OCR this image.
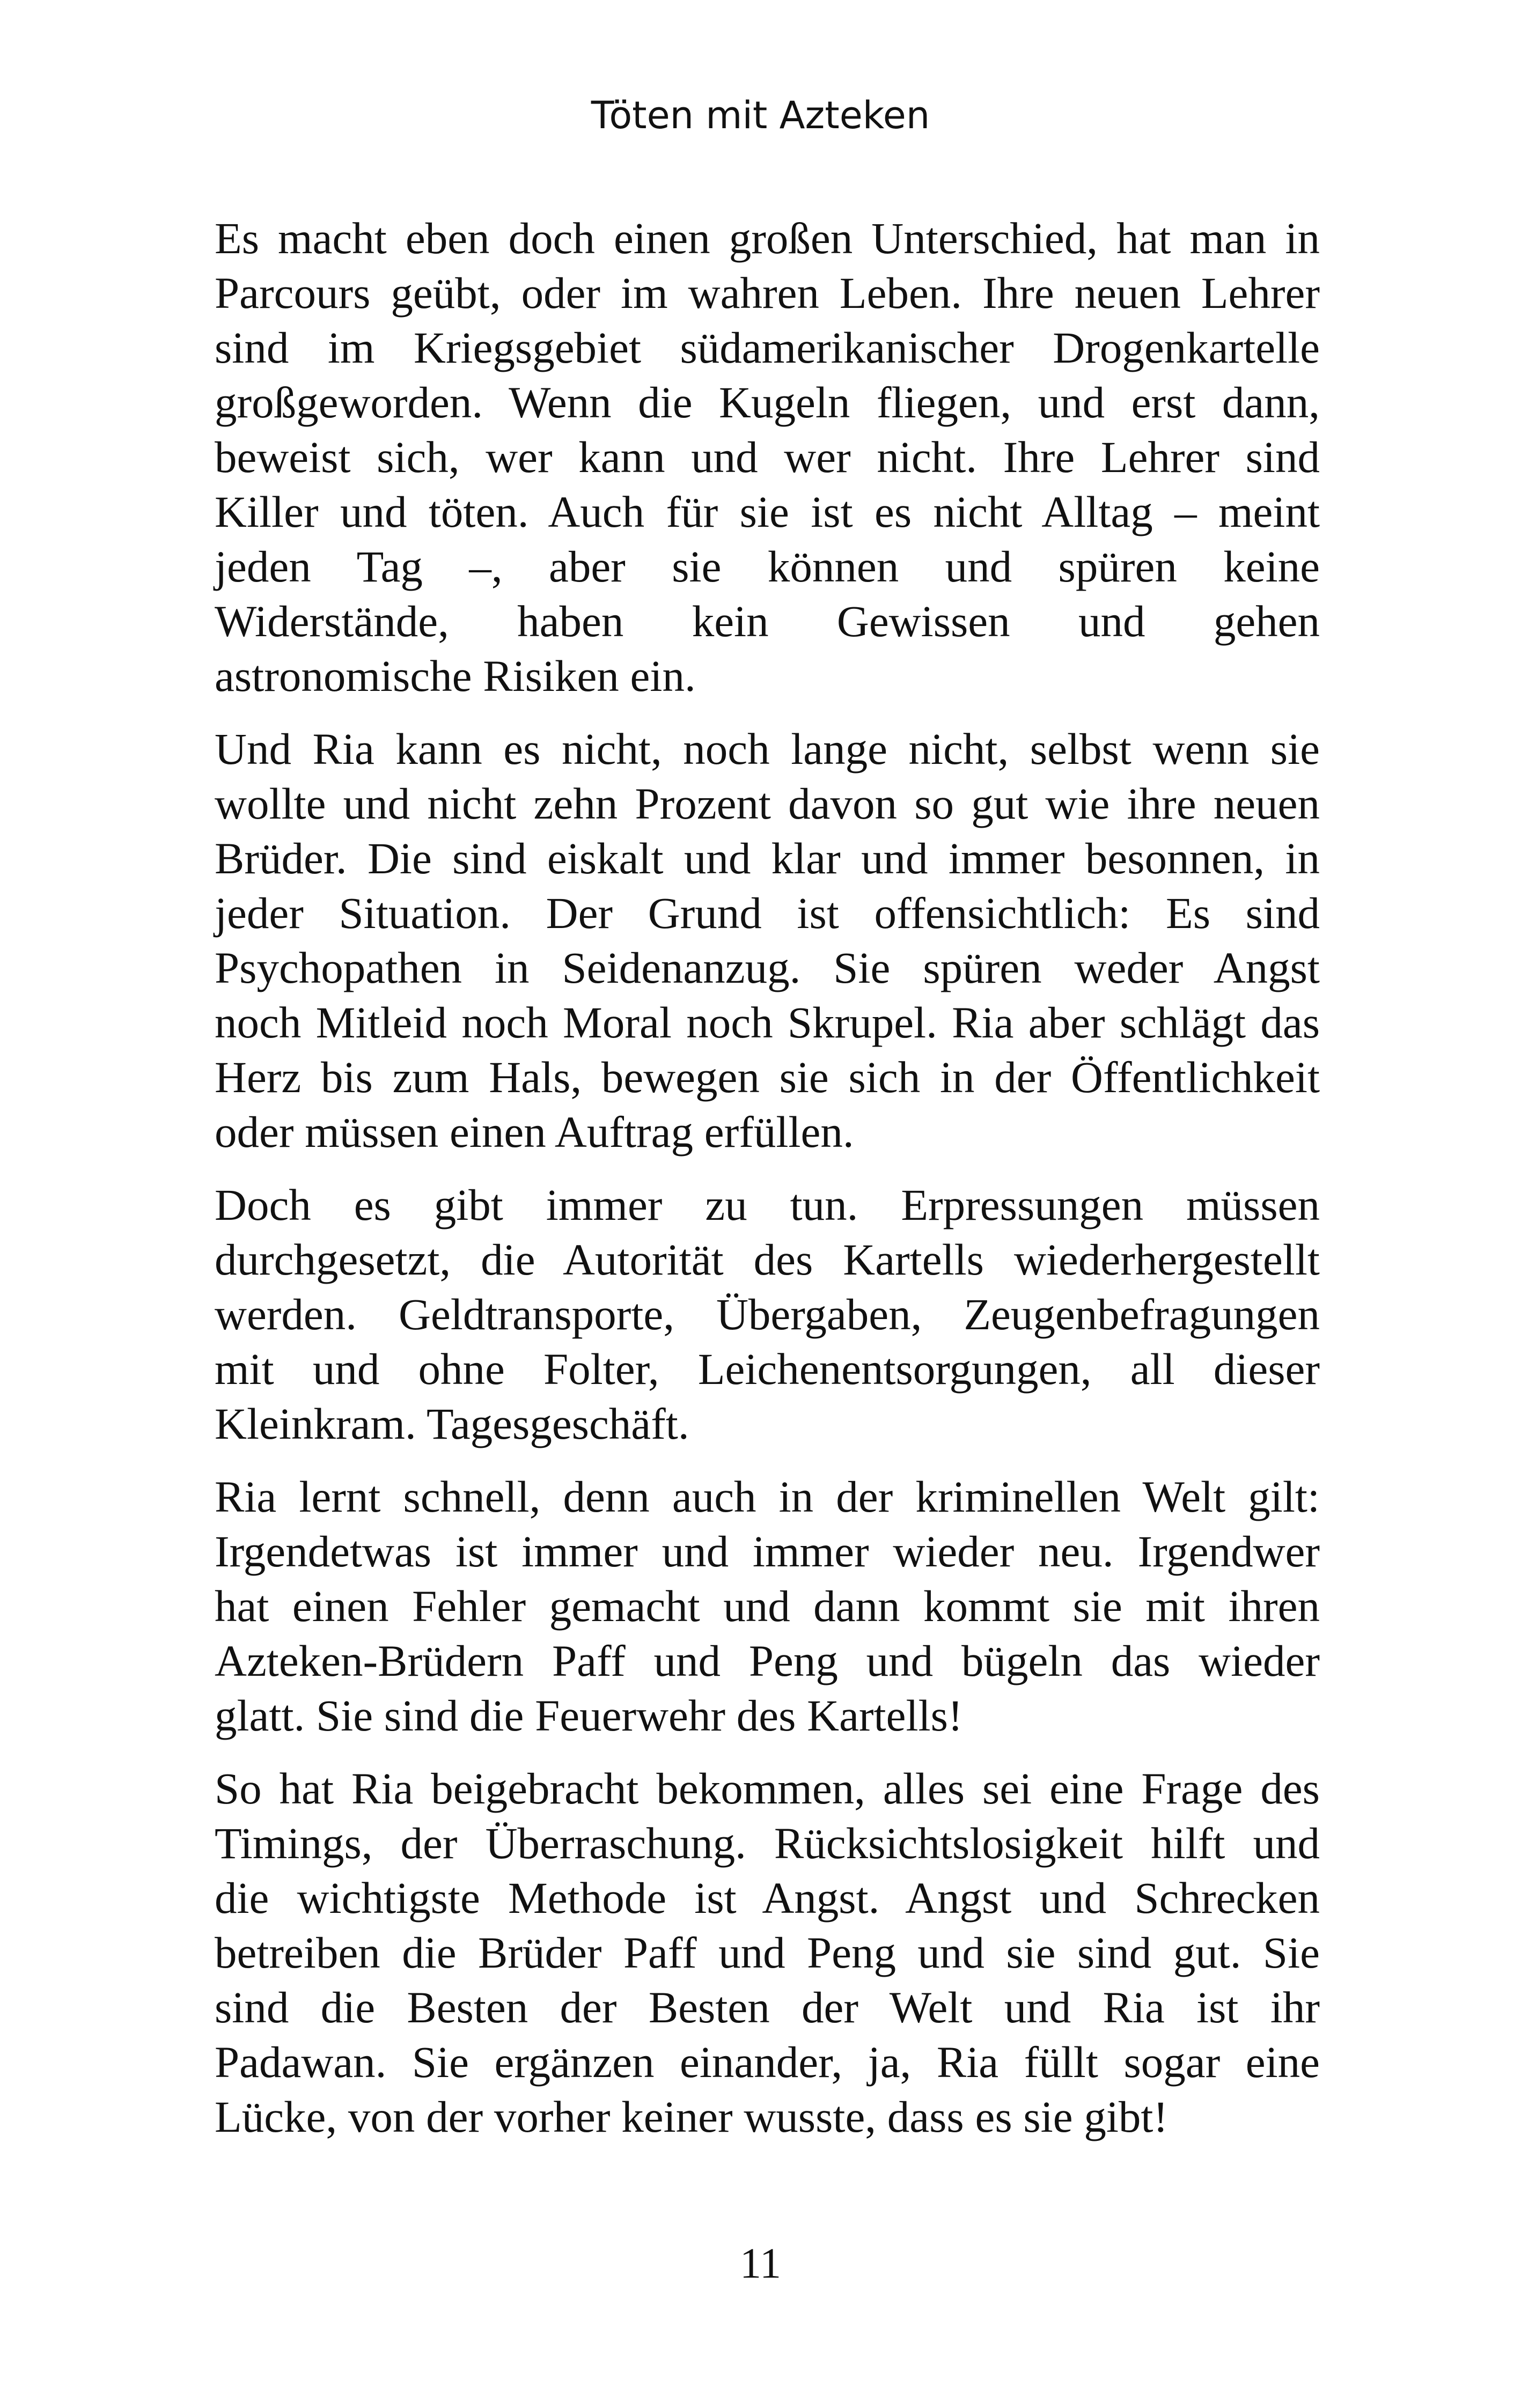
Töten mit Azteken
Es macht eben doch einen großen Unterschied, hat man in
Parcours geübt, oder im wahren Leben. Ihre neuen Lehrer
sind im Kriegsgebiet südamerikanischer Drogenkartelle
großgeworden. Wenn die Kugeln fliegen, und erst dann,
beweist sich, wer kann und wer nicht. Ihre Lehrer sind
Killer und töten. Auch für sie ist es nicht Alltag – meint
jeden Tag –, aber sie können und spüren keine
Widerstände, haben kein Gewissen und gehen
astronomische Risiken ein.
Und Ria kann es nicht, noch lange nicht, selbst wenn sie
wollte und nicht zehn Prozent davon so gut wie ihre neuen
Brüder. Die sind eiskalt und klar und immer besonnen, in
jeder Situation. Der Grund ist offensichtlich: Es sind
Psychopathen in Seidenanzug. Sie spüren weder Angst
noch Mitleid noch Moral noch Skrupel. Ria aber schlägt das
Herz bis zum Hals, bewegen sie sich in der Öffentlichkeit
oder müssen einen Auftrag erfüllen.
Doch es gibt immer zu tun. Erpressungen müssen
durchgesetzt, die Autorität des Kartells wiederhergestellt
werden. Geldtransporte, Übergaben, Zeugenbefragungen
mit und ohne Folter, Leichenentsorgungen, all dieser
Kleinkram. Tagesgeschäft.
Ria lernt schnell, denn auch in der kriminellen Welt gilt:
Irgendetwas ist immer und immer wieder neu. Irgendwer
hat einen Fehler gemacht und dann kommt sie mit ihren
Azteken-Brüdern Paff und Peng und bügeln das wieder
glatt. Sie sind die Feuerwehr des Kartells!
So hat Ria beigebracht bekommen, alles sei eine Frage des
Timings, der Überraschung. Rücksichtslosigkeit hilft und
die wichtigste Methode ist Angst. Angst und Schrecken
betreiben die Brüder Paff und Peng und sie sind gut. Sie
sind die Besten der Besten der Welt und Ria ist ihr
Padawan. Sie ergänzen einander, ja, Ria füllt sogar eine
Lücke, von der vorher keiner wusste, dass es sie gibt!
11
